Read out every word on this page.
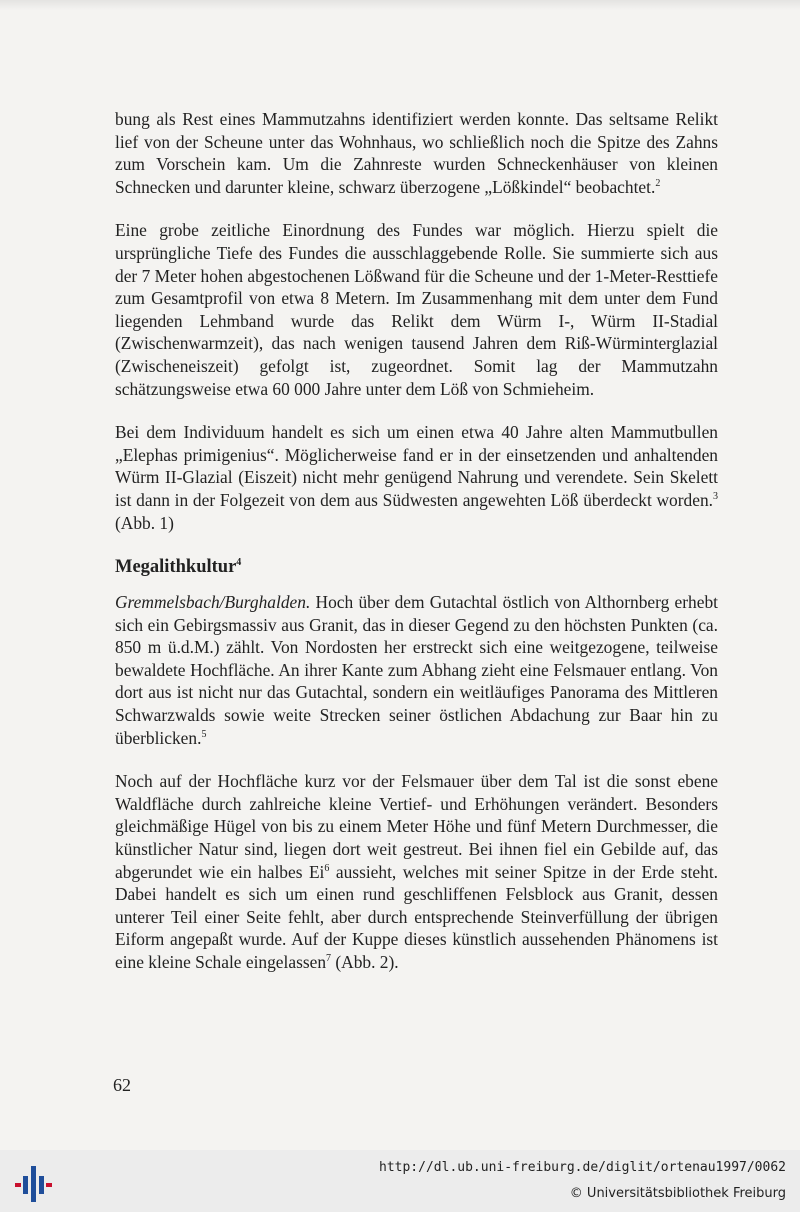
bung als Rest eines Mammutzahns identifiziert werden konnte. Das seltsame Relikt lief von der Scheune unter das Wohnhaus, wo schließlich noch die Spitze des Zahns zum Vorschein kam. Um die Zahnreste wurden Schneckenhäuser von kleinen Schnecken und darunter kleine, schwarz überzogene „Lößkindel“ beobachtet.$^2$

Eine grobe zeitliche Einordnung des Fundes war möglich. Hierzu spielt die ursprüngliche Tiefe des Fundes die ausschlaggebende Rolle. Sie summierte sich aus der 7 Meter hohen abgestochenen Lößwand für die Scheune und der 1-Meter-Resttiefe zum Gesamtprofil von etwa 8 Metern. Im Zusammenhang mit dem unter dem Fund liegenden Lehmband wurde das Relikt dem Würm I-, Würm II-Stadial (Zwischenwarmzeit), das nach wenigen tausend Jahren dem Riß-Würminterglazial (Zwischeneiszeit) gefolgt ist, zugeordnet. Somit lag der Mammutzahn schätzungsweise etwa 60 000 Jahre unter dem Löß von Schmieheim.

Bei dem Individuum handelt es sich um einen etwa 40 Jahre alten Mammutbullen „Elephas primigenius“. Möglicherweise fand er in der einsetzenden und anhaltenden Würm II-Glazial (Eiszeit) nicht mehr genügend Nahrung und verendete. Sein Skelett ist dann in der Folgezeit von dem aus Südwesten angewehten Löß überdeckt worden.$^3$ (Abb. 1)

Megalithkultur$^4$

Gremmelsbach/Burghalden. Hoch über dem Gutachtal östlich von Althornberg erhebt sich ein Gebirgsmassiv aus Granit, das in dieser Gegend zu den höchsten Punkten (ca. 850 m ü.d.M.) zählt. Von Nordosten her erstreckt sich eine weitgezogene, teilweise bewaldete Hochfläche. An ihrer Kante zum Abhang zieht eine Felsmauer entlang. Von dort aus ist nicht nur das Gutachtal, sondern ein weitläufiges Panorama des Mittleren Schwarzwalds sowie weite Strecken seiner östlichen Abdachung zur Baar hin zu überblicken.$^5$

Noch auf der Hochfläche kurz vor der Felsmauer über dem Tal ist die sonst ebene Waldfläche durch zahlreiche kleine Vertief- und Erhöhungen verändert. Besonders gleichmäßige Hügel von bis zu einem Meter Höhe und fünf Metern Durchmesser, die künstlicher Natur sind, liegen dort weit gestreut. Bei ihnen fiel ein Gebilde auf, das abgerundet wie ein halbes Ei$^6$ aussieht, welches mit seiner Spitze in der Erde steht. Dabei handelt es sich um einen rund geschliffenen Felsblock aus Granit, dessen unterer Teil einer Seite fehlt, aber durch entsprechende Steinverfüllung der übrigen Eiform angepaßt wurde. Auf der Kuppe dieses künstlich aussehenden Phänomens ist eine kleine Schale eingelassen$^7$ (Abb. 2).

62
http://dl.ub.uni-freiburg.de/diglit/ortenau1997/0062
© Universitätsbibliothek Freiburg
